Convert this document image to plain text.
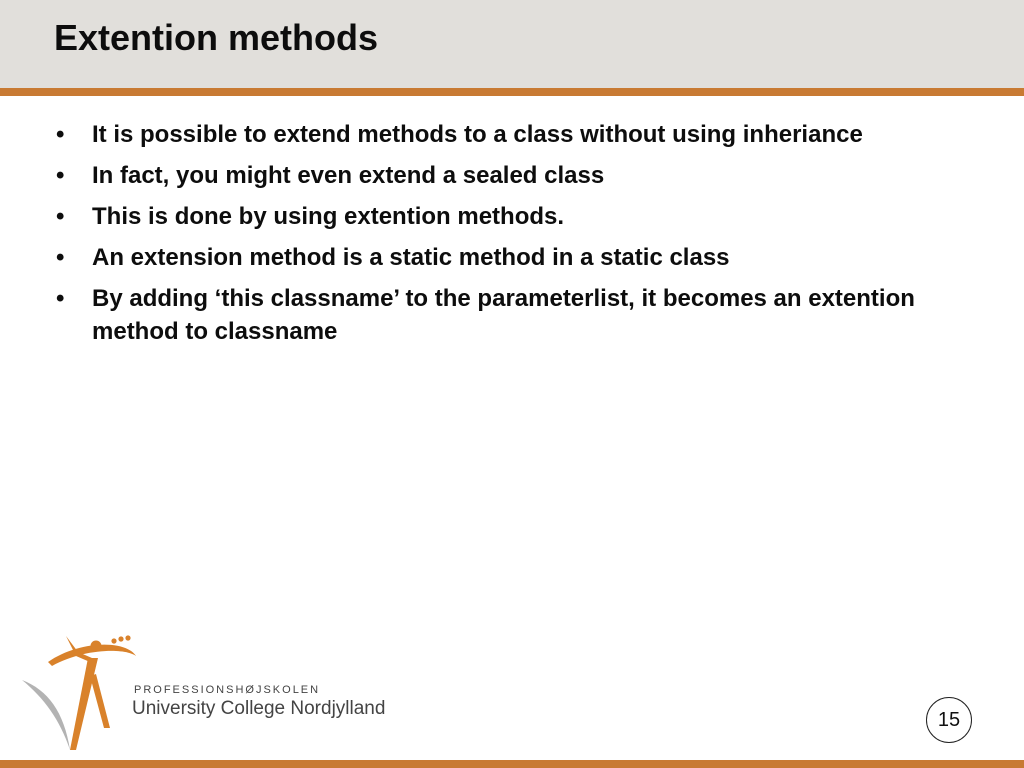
Extention methods
•	It is possible to extend methods to a class without using inheriance
•	In fact, you might even extend a sealed class
•	This is done by using extention methods.
•	An extension method is a static method in a static class
•	By adding ‘this classname’ to the parameterlist, it becomes an extention method to classname
PROFESSIONSHØJSKOLEN
University College Nordjylland	15
